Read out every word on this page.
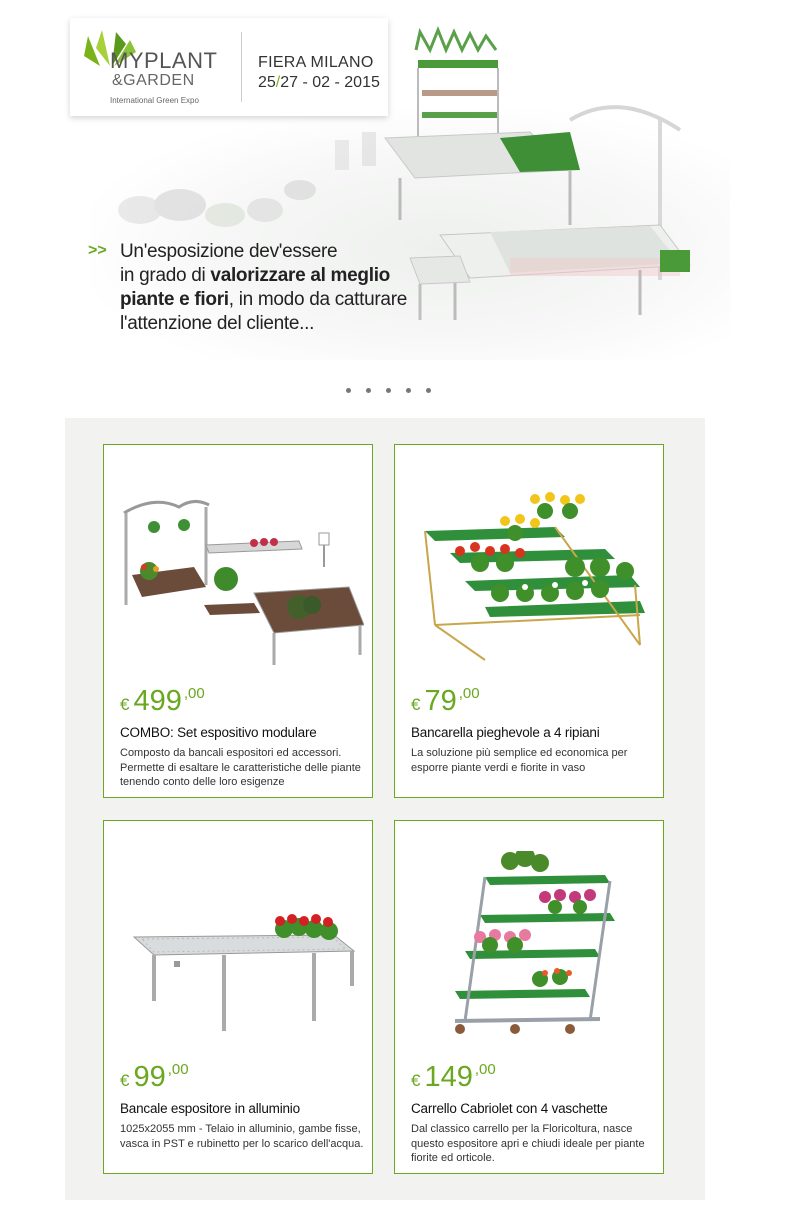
MYPLANT
&GARDEN
International Green Expo
FIERA MILANO
25/27 - 02 - 2015
>> Un'esposizione dev'essere
in grado di valorizzare al meglio
piante e fiori, in modo da catturare
l'attenzione del cliente...
€ 499 ,00
COMBO: Set espositivo modulare
Composto da bancali espositori ed accessori. Permette di esaltare le caratteristiche delle piante tenendo conto delle loro esigenze
€ 79 ,00
Bancarella pieghevole a 4 ripiani
La soluzione più semplice ed economica per esporre piante verdi e fiorite in vaso
€ 99 ,00
Bancale espositore in alluminio
1025x2055 mm - Telaio in alluminio, gambe fisse, vasca in PST e rubinetto per lo scarico dell'acqua.
€ 149 ,00
Carrello Cabriolet con 4 vaschette
Dal classico carrello per la Floricoltura, nasce questo espositore apri e chiudi ideale per piante fiorite ed orticole.
